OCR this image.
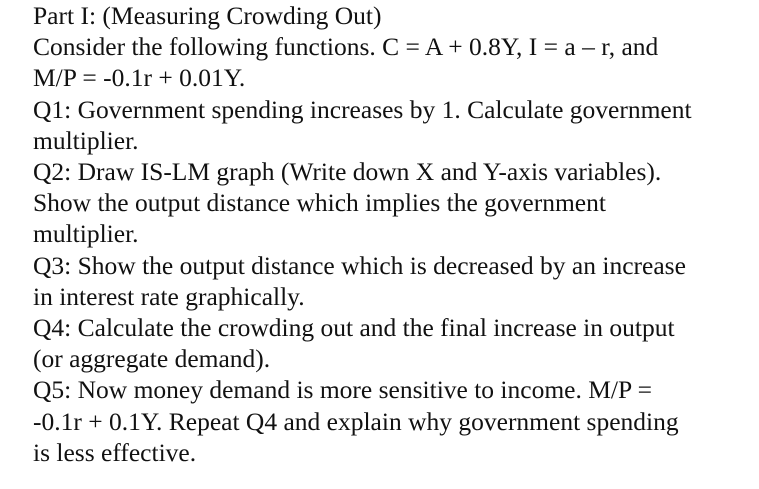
Part I: (Measuring Crowding Out)
Consider the following functions. C = A + 0.8Y, I = a – r, and
M/P = -0.1r + 0.01Y.
Q1: Government spending increases by 1. Calculate government
multiplier.
Q2: Draw IS-LM graph (Write down X and Y-axis variables).
Show the output distance which implies the government
multiplier.
Q3: Show the output distance which is decreased by an increase
in interest rate graphically.
Q4: Calculate the crowding out and the final increase in output
(or aggregate demand).
Q5: Now money demand is more sensitive to income. M/P =
-0.1r + 0.1Y. Repeat Q4 and explain why government spending
is less effective.
